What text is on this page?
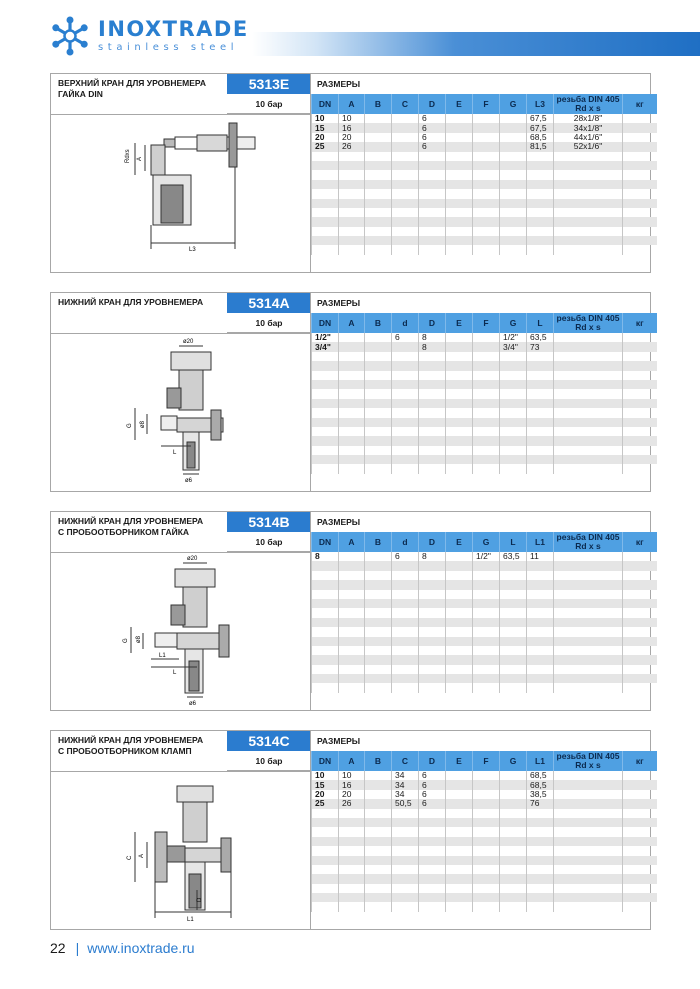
INOXTRADE
stainless steel
ВЕРХНИЙ КРАН ДЛЯ УРОВНЕМЕРА
ГАЙКА DIN
5313E
10 бар
РАЗМЕРЫ
DN	A	B	C	D	E	F	G	L3	резьба DIN 405 Rd x s	кг
10	10			6				67,5	28x1/8"	
15	16			6				67,5	34x1/8"	
20	20			6				68,5	44x1/6"	
25	26			6				81,5	52x1/6"	

Rdxs A
L3
НИЖНИЙ КРАН ДЛЯ УРОВНЕМЕРА	5314A
10 бар
РАЗМЕРЫ
DN	A	B	d	D	E	F	G	L	резьба DIN 405 Rd x s	кг
1/2"			6	8			1/2"	63,5		
3/4"				8			3/4"	73		

ø20
G ø8
L
ø6
НИЖНИЙ КРАН ДЛЯ УРОВНЕМЕРА
С ПРОБООТБОРНИКОМ ГАЙКА
5314B
10 бар
РАЗМЕРЫ
DN	A	B	d	D	E	G	L	L1	резьба DIN 405 Rd x s	кг
8			6	8		1/2"	63,5	11		

ø20
G ø8
L1
L
ø6
НИЖНИЙ КРАН ДЛЯ УРОВНЕМЕРА
С ПРОБООТБОРНИКОМ КЛАМП
5314C
10 бар
РАЗМЕРЫ
DN	A	B	C	D	E	F	G	L1	резьба DIN 405 Rd x s	кг
10	10		34	6				68,5		
15	16		34	6				68,5		
20	20		34	6				38,5		
25	26		50,5	6				76		

C A
D
L1
22 | www.inoxtrade.ru
